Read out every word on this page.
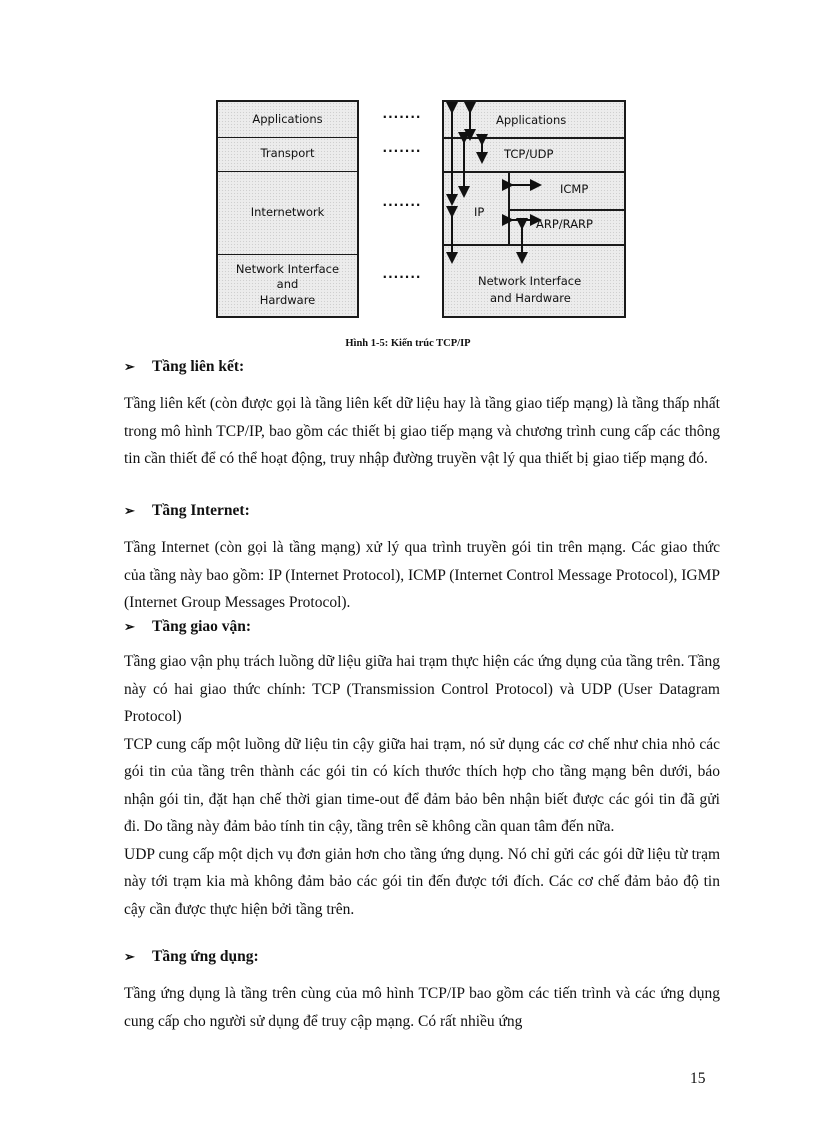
Applications
Transport
Internetwork
Network Interface
and
Hardware
·······
·······
·······
·······
Applications
TCP/UDP
ICMP
IP
ARP/RARP
Network Interface
and Hardware
Hình 1-5: Kiến trúc TCP/IP
➢	Tầng liên kết:
Tầng liên kết (còn được gọi là tầng liên kết dữ liệu hay là tầng giao tiếp mạng) là tầng thấp nhất trong mô hình TCP/IP, bao gồm các thiết bị giao tiếp mạng và chương trình cung cấp các thông tin cần thiết để có thể hoạt động, truy nhập đường truyền vật lý qua thiết bị giao tiếp mạng đó.
➢	Tầng Internet:
Tầng Internet (còn gọi là tầng mạng) xử lý qua trình truyền gói tin trên mạng. Các giao thức của tầng này bao gồm: IP (Internet Protocol), ICMP (Internet Control Message Protocol), IGMP (Internet Group Messages Protocol).
➢	Tầng giao vận:
Tầng giao vận phụ trách luồng dữ liệu giữa hai trạm thực hiện các ứng dụng của tầng trên. Tầng này có hai giao thức chính: TCP (Transmission Control Protocol) và UDP (User Datagram Protocol)
TCP cung cấp một luồng dữ liệu tin cậy giữa hai trạm, nó sử dụng các cơ chế như chia nhỏ các gói tin của tầng trên thành các gói tin có kích thước thích hợp cho tầng mạng bên dưới, báo nhận gói tin, đặt hạn chế thời gian time-out để đảm bảo bên nhận biết được các gói tin đã gửi đi. Do tầng này đảm bảo tính tin cậy, tầng trên sẽ không cần quan tâm đến nữa.
UDP cung cấp một dịch vụ đơn giản hơn cho tầng ứng dụng. Nó chỉ gửi các gói dữ liệu từ trạm này tới trạm kia mà không đảm bảo các gói tin đến được tới đích. Các cơ chế đảm bảo độ tin cậy cần được thực hiện bởi tầng trên.
➢	Tầng ứng dụng:
Tầng ứng dụng là tầng trên cùng của mô hình TCP/IP bao gồm các tiến trình và các ứng dụng cung cấp cho người sử dụng để truy cập mạng. Có rất nhiều ứng
15
